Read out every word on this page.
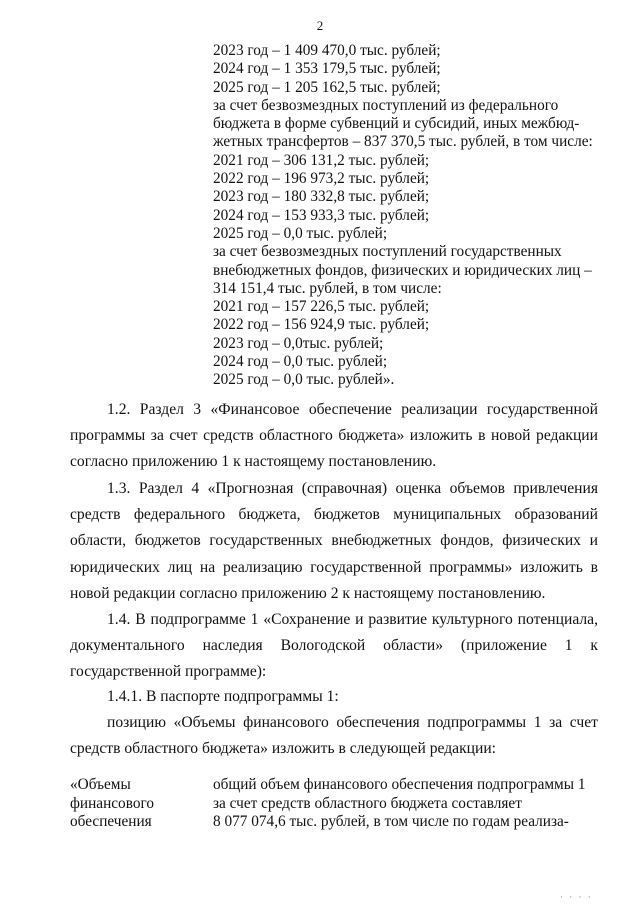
2
2023 год – 1 409 470,0 тыс. рублей;
2024 год – 1 353 179,5 тыс. рублей;
2025 год – 1 205 162,5 тыс. рублей;
за счет безвозмездных поступлений из федерального
бюджета в форме субвенций и субсидий, иных межбюд-
жетных трансфертов – 837 370,5 тыс. рублей, в том числе:
2021 год – 306 131,2 тыс. рублей;
2022 год – 196 973,2 тыс. рублей;
2023 год – 180 332,8 тыс. рублей;
2024 год – 153 933,3 тыс. рублей;
2025 год – 0,0 тыс. рублей;
за счет безвозмездных поступлений государственных
внебюджетных фондов, физических и юридических лиц –
314 151,4 тыс. рублей, в том числе:
2021 год – 157 226,5 тыс. рублей;
2022 год – 156 924,9 тыс. рублей;
2023 год – 0,0тыс. рублей;
2024 год – 0,0 тыс. рублей;
2025 год – 0,0 тыс. рублей».
1.2. Раздел 3 «Финансовое обеспечение реализации государственной программы за счет средств областного бюджета» изложить в новой редакции согласно приложению 1 к настоящему постановлению.
1.3. Раздел 4 «Прогнозная (справочная) оценка объемов привлечения средств федерального бюджета, бюджетов муниципальных образований области, бюджетов государственных внебюджетных фондов, физических и юридических лиц на реализацию государственной программы» изложить в новой редакции согласно приложению 2 к настоящему постановлению.
1.4. В подпрограмме 1 «Сохранение и развитие культурного потенциала, документального наследия Вологодской области» (приложение 1 к государственной программе):
1.4.1. В паспорте подпрограммы 1:
позицию «Объемы финансового обеспечения подпрограммы 1 за счет средств областного бюджета» изложить в следующей редакции:
«Объемы
финансового
обеспечения
общий объем финансового обеспечения подпрограммы 1
за счет средств областного бюджета составляет
8 077 074,6 тыс. рублей, в том числе по годам реализа-
· · · ·
